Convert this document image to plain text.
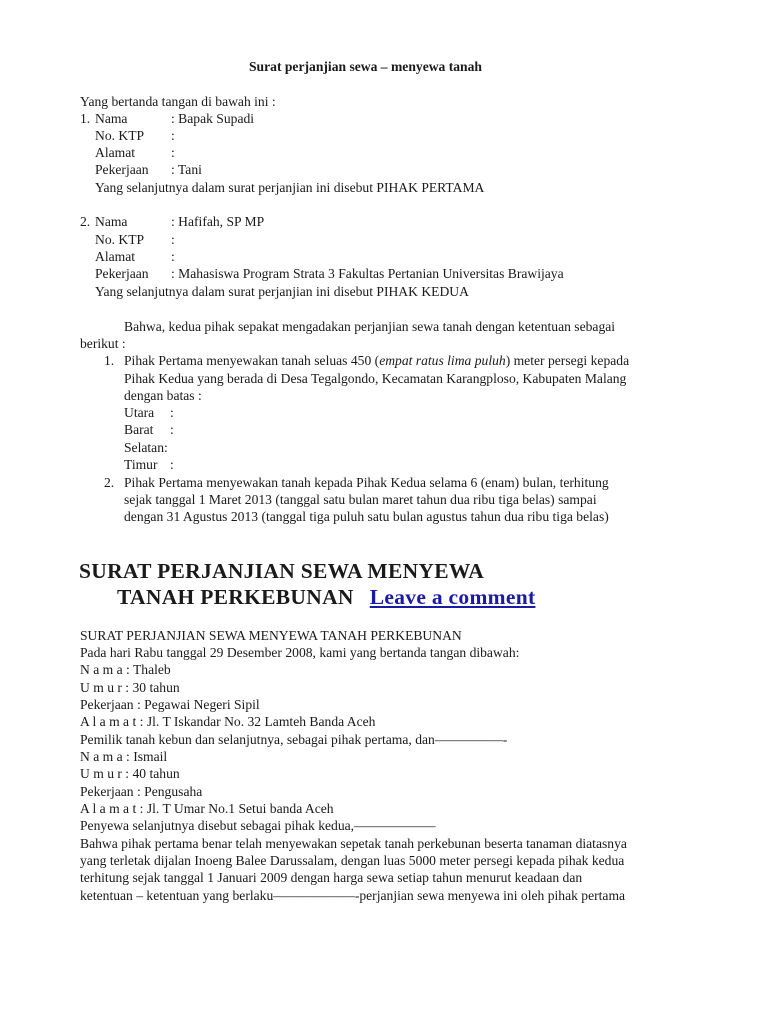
Surat perjanjian sewa – menyewa tanah
Yang bertanda tangan di bawah ini :
1. Nama	: Bapak Supadi
No. KTP :
Alamat	:
Pekerjaan : Tani
Yang selanjutnya dalam surat perjanjian ini disebut PIHAK PERTAMA
2. Nama	: Hafifah, SP MP
No. KTP :
Alamat	:
Pekerjaan : Mahasiswa Program Strata 3 Fakultas Pertanian Universitas Brawijaya
Yang selanjutnya dalam surat perjanjian ini disebut PIHAK KEDUA
Bahwa, kedua pihak sepakat mengadakan perjanjian sewa tanah dengan ketentuan sebagai
berikut :
1. Pihak Pertama menyewakan tanah seluas 450 (empat ratus lima puluh) meter persegi kepada
Pihak Kedua yang berada di Desa Tegalgondo, Kecamatan Karangploso, Kabupaten Malang
dengan batas :
Utara :
Barat :
Selatan:
Timur :
2. Pihak Pertama menyewakan tanah kepada Pihak Kedua selama 6 (enam) bulan, terhitung
sejak tanggal 1 Maret 2013 (tanggal satu bulan maret tahun dua ribu tiga belas) sampai
dengan 31 Agustus 2013 (tanggal tiga puluh satu bulan agustus tahun dua ribu tiga belas)
SURAT PERJANJIAN SEWA MENYEWA
TANAH PERKEBUNAN Leave a comment
SURAT PERJANJIAN SEWA MENYEWA TANAH PERKEBUNAN
Pada hari Rabu tanggal 29 Desember 2008, kami yang bertanda tangan dibawah:
N a m a : Thaleb
U m u r : 30 tahun
Pekerjaan : Pegawai Negeri Sipil
A l a m a t : Jl. T Iskandar No. 32 Lamteh Banda Aceh
Pemilik tanah kebun dan selanjutnya, sebagai pihak pertama, dan—————-
N a m a : Ismail
U m u r : 40 tahun
Pekerjaan : Pengusaha
A l a m a t : Jl. T Umar No.1 Setui banda Aceh
Penyewa selanjutnya disebut sebagai pihak kedua,——————
Bahwa pihak pertama benar telah menyewakan sepetak tanah perkebunan beserta tanaman diatasnya
yang terletak dijalan Inoeng Balee Darussalam, dengan luas 5000 meter persegi kepada pihak kedua
terhitung sejak tanggal 1 Januari 2009 dengan harga sewa setiap tahun menurut keadaan dan
ketentuan – ketentuan yang berlaku——————-perjanjian sewa menyewa ini oleh pihak pertama
